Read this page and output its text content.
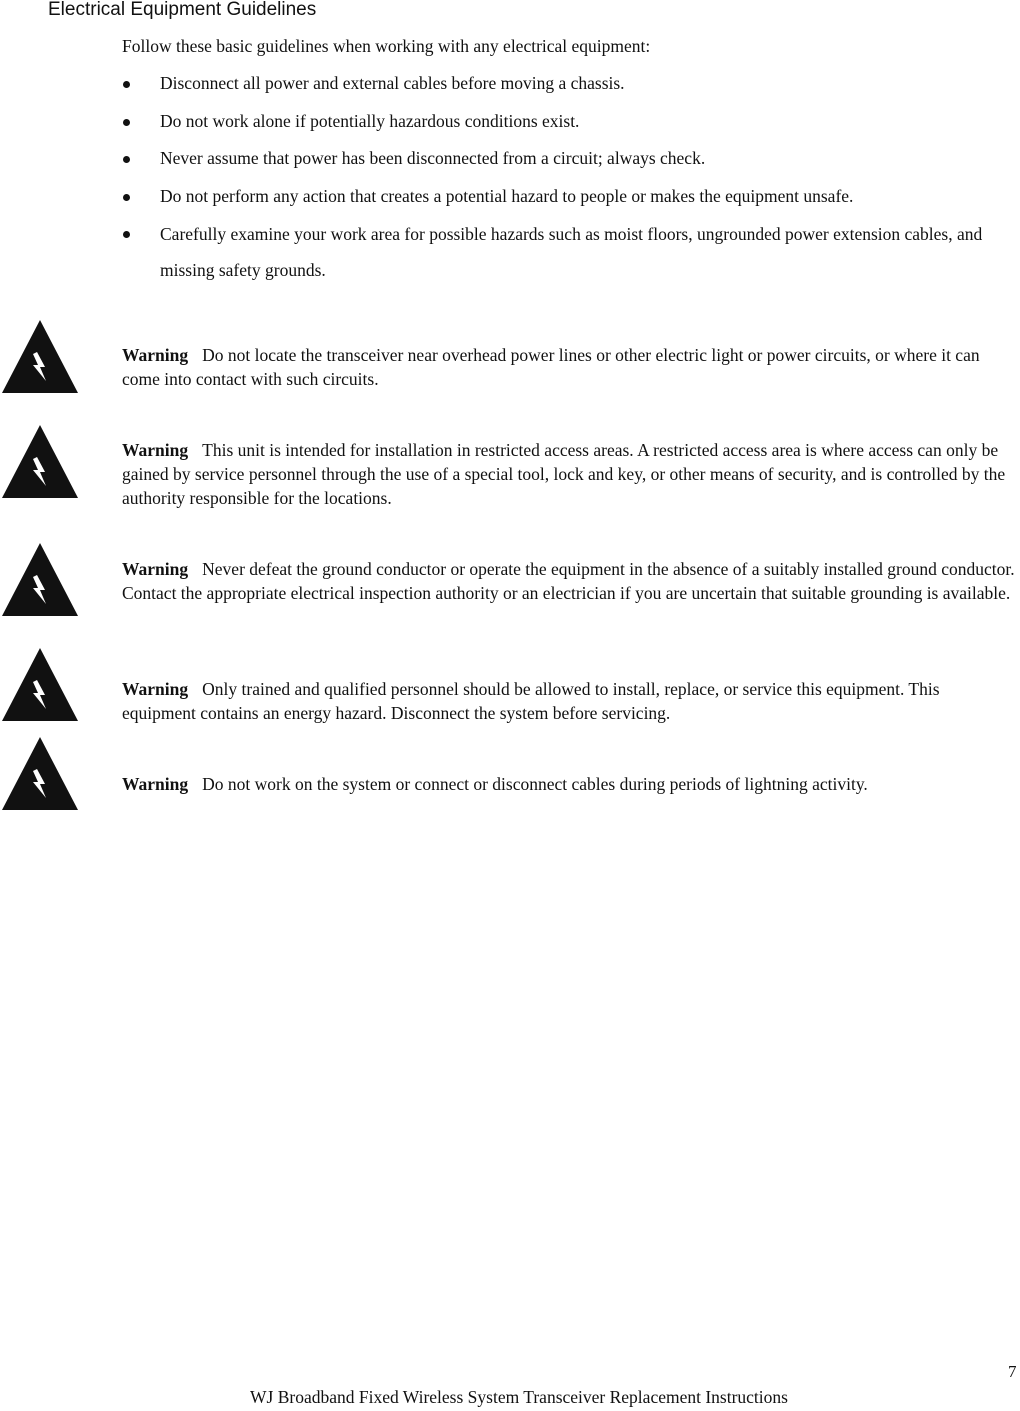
Electrical Equipment Guidelines
Follow these basic guidelines when working with any electrical equipment:
Disconnect all power and external cables before moving a chassis.
Do not work alone if potentially hazardous conditions exist.
Never assume that power has been disconnected from a circuit; always check.
Do not perform any action that creates a potential hazard to people or makes the equipment unsafe.
Carefully examine your work area for possible hazards such as moist floors, ungrounded power extension cables, and missing safety grounds.
Warning Do not locate the transceiver near overhead power lines or other electric light or power circuits, or where it can come into contact with such circuits.
Warning This unit is intended for installation in restricted access areas. A restricted access area is where access can only be gained by service personnel through the use of a special tool, lock and key, or other means of security, and is controlled by the authority responsible for the locations.
Warning Never defeat the ground conductor or operate the equipment in the absence of a suitably installed ground conductor. Contact the appropriate electrical inspection authority or an electrician if you are uncertain that suitable grounding is available.
Warning Only trained and qualified personnel should be allowed to install, replace, or service this equipment. This equipment contains an energy hazard. Disconnect the system before servicing.
Warning Do not work on the system or connect or disconnect cables during periods of lightning activity.
7
WJ Broadband Fixed Wireless System Transceiver Replacement Instructions
